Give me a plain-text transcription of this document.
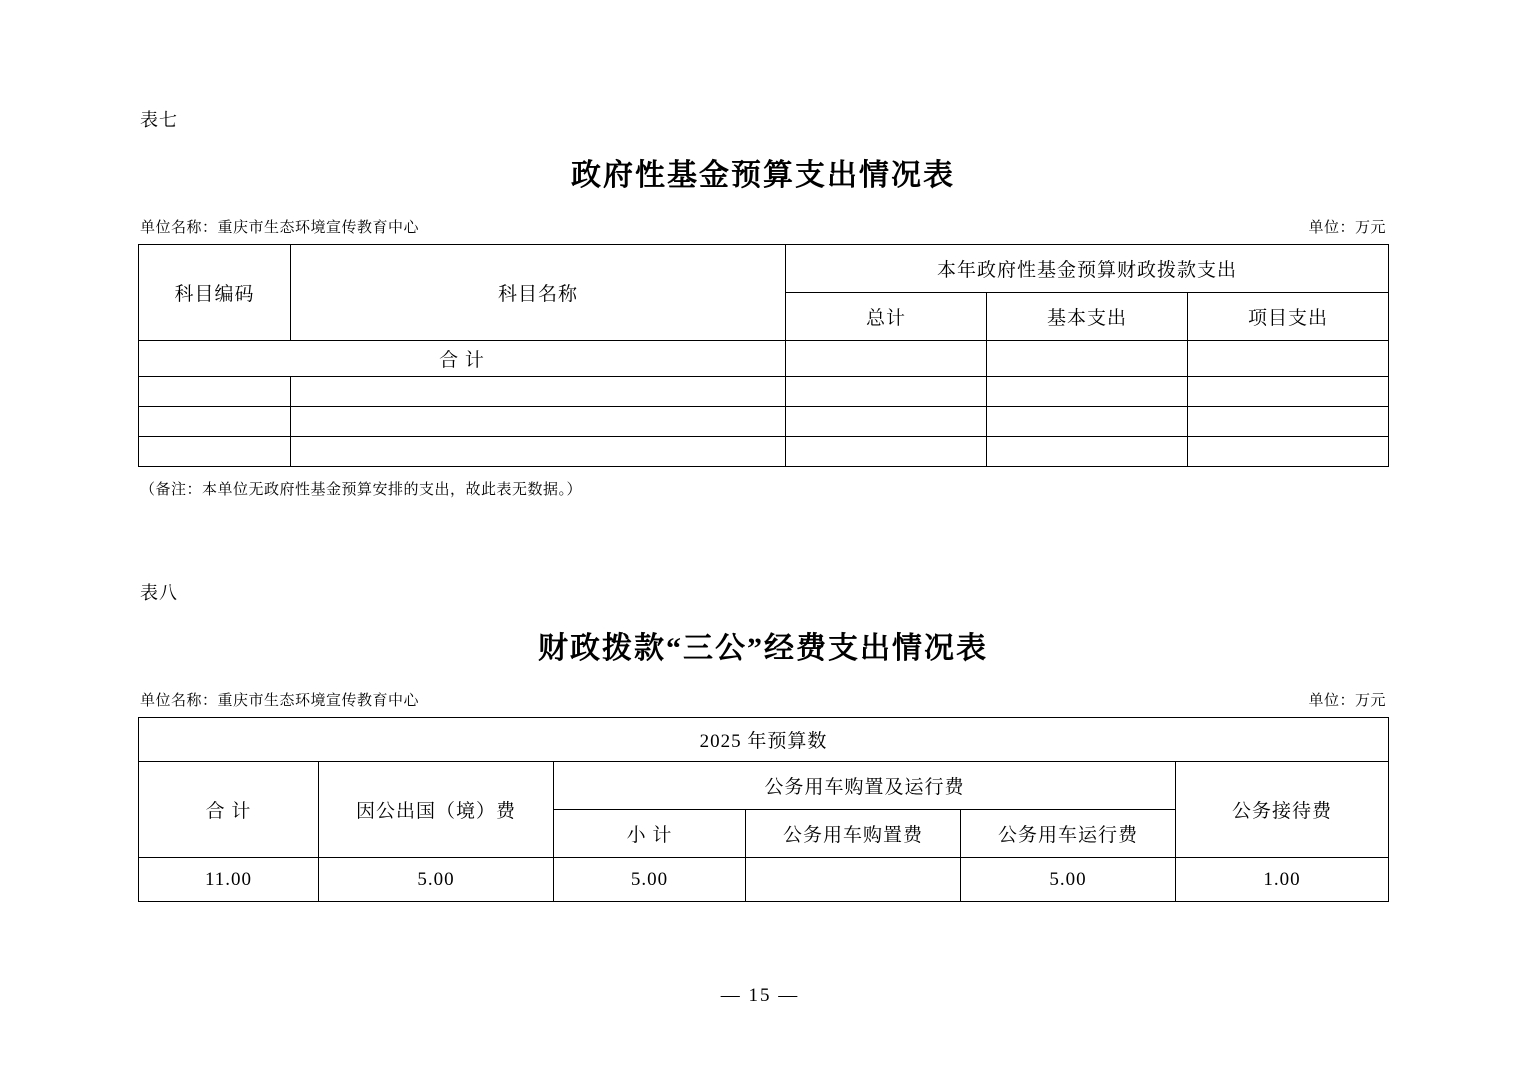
表七
政府性基金预算支出情况表
单位名称：重庆市生态环境宣传教育中心	单位：万元
科目编码	科目名称	本年政府性基金预算财政拨款支出		
		总计	基本支出	项目支出
合 计				

（备注：本单位无政府性基金预算安排的支出，故此表无数据。）
表八
财政拨款“三公”经费支出情况表
单位名称：重庆市生态环境宣传教育中心	单位：万元
2025 年预算数					
合 计	因公出国（境）费	公务用车购置及运行费			公务接待费
		小 计	公务用车购置费	公务用车运行费	
11.00	5.00	5.00		5.00	1.00
— 15 —
